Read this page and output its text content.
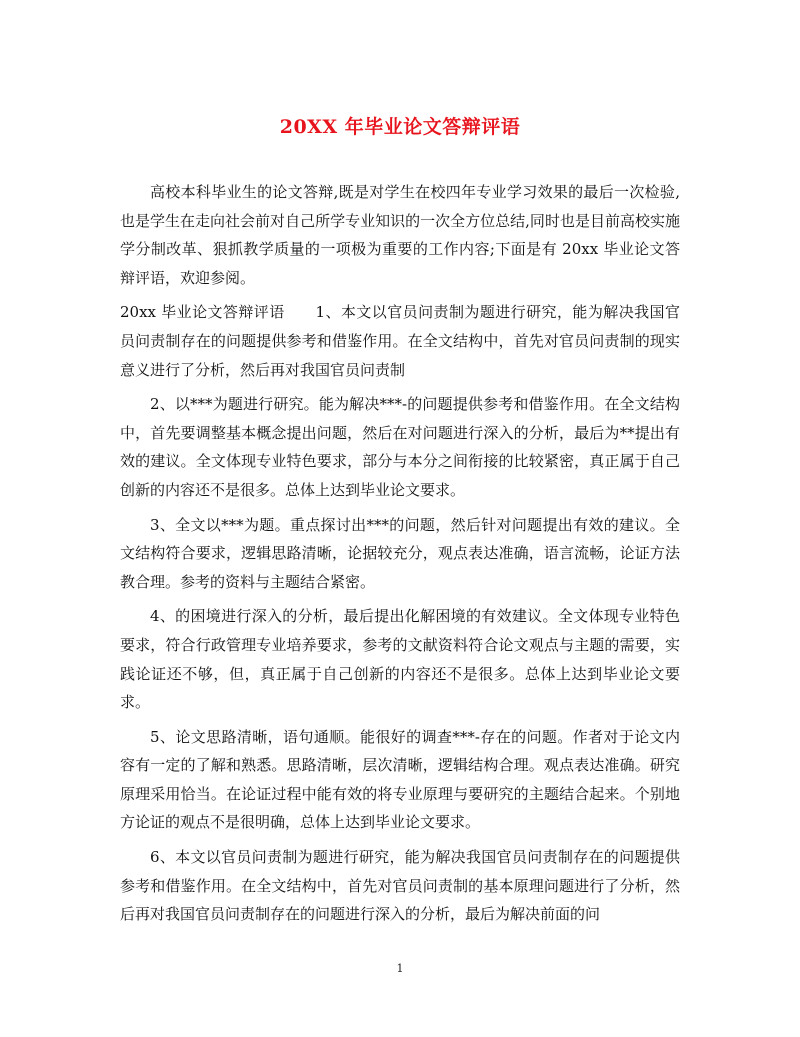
20XX 年毕业论文答辩评语

高校本科毕业生的论文答辩,既是对学生在校四年专业学习效果的最后一次检验,也是学生在走向社会前对自己所学专业知识的一次全方位总结,同时也是目前高校实施学分制改革、狠抓教学质量的一项极为重要的工作内容;下面是有 20xx 毕业论文答辩评语，欢迎参阅。

20xx 毕业论文答辩评语　　1、本文以官员问责制为题进行研究，能为解决我国官员问责制存在的问题提供参考和借鉴作用。在全文结构中，首先对官员问责制的现实意义进行了分析，然后再对我国官员问责制

2、以***为题进行研究。能为解决***-的问题提供参考和借鉴作用。在全文结构中，首先要调整基本概念提出问题，然后在对问题进行深入的分析，最后为**提出有效的建议。全文体现专业特色要求，部分与本分之间衔接的比较紧密，真正属于自己创新的内容还不是很多。总体上达到毕业论文要求。

3、全文以***为题。重点探讨出***的问题，然后针对问题提出有效的建议。全文结构符合要求，逻辑思路清晰，论据较充分，观点表达准确，语言流畅，论证方法教合理。参考的资料与主题结合紧密。

4、的困境进行深入的分析，最后提出化解困境的有效建议。全文体现专业特色要求，符合行政管理专业培养要求，参考的文献资料符合论文观点与主题的需要，实践论证还不够，但，真正属于自己创新的内容还不是很多。总体上达到毕业论文要求。

5、论文思路清晰，语句通顺。能很好的调查***-存在的问题。作者对于论文内容有一定的了解和熟悉。思路清晰，层次清晰，逻辑结构合理。观点表达准确。研究原理采用恰当。在论证过程中能有效的将专业原理与要研究的主题结合起来。个别地方论证的观点不是很明确，总体上达到毕业论文要求。

6、本文以官员问责制为题进行研究，能为解决我国官员问责制存在的问题提供参考和借鉴作用。在全文结构中，首先对官员问责制的基本原理问题进行了分析，然后再对我国官员问责制存在的问题进行深入的分析，最后为解决前面的问

1
